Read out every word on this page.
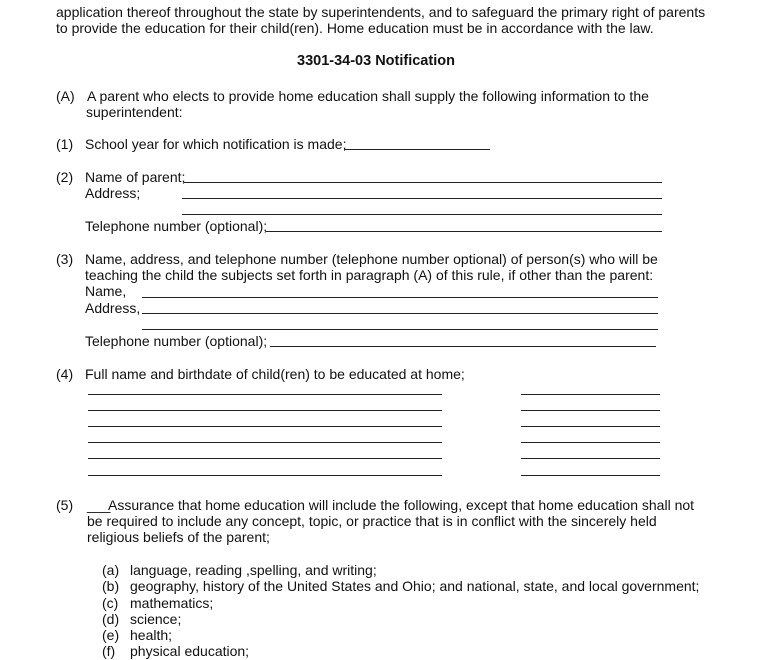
application thereof throughout the state by superintendents, and to safeguard the primary right of parents
to provide the education for their child(ren). Home education must be in accordance with the law.
3301-34-03 Notification
(A) A parent who elects to provide home education shall supply the following information to the
superintendent:
(1) School year for which notification is made;
(2) Name of parent;
Address;
Telephone number (optional);
(3) Name, address, and telephone number (telephone number optional) of person(s) who will be
teaching the child the subjects set forth in paragraph (A) of this rule, if other than the parent:
Name,
Address,
Telephone number (optional);
(4) Full name and birthdate of child(ren) to be educated at home;
(5) ___
Assurance that home education will include the following, except that home education shall not
be required to include any concept, topic, or practice that is in conflict with the sincerely held
religious beliefs of the parent;
(a) language, reading ,spelling, and writing;
(b) geography, history of the United States and Ohio; and national, state, and local government;
(c) mathematics;
(d) science;
(e) health;
(f) physical education;
